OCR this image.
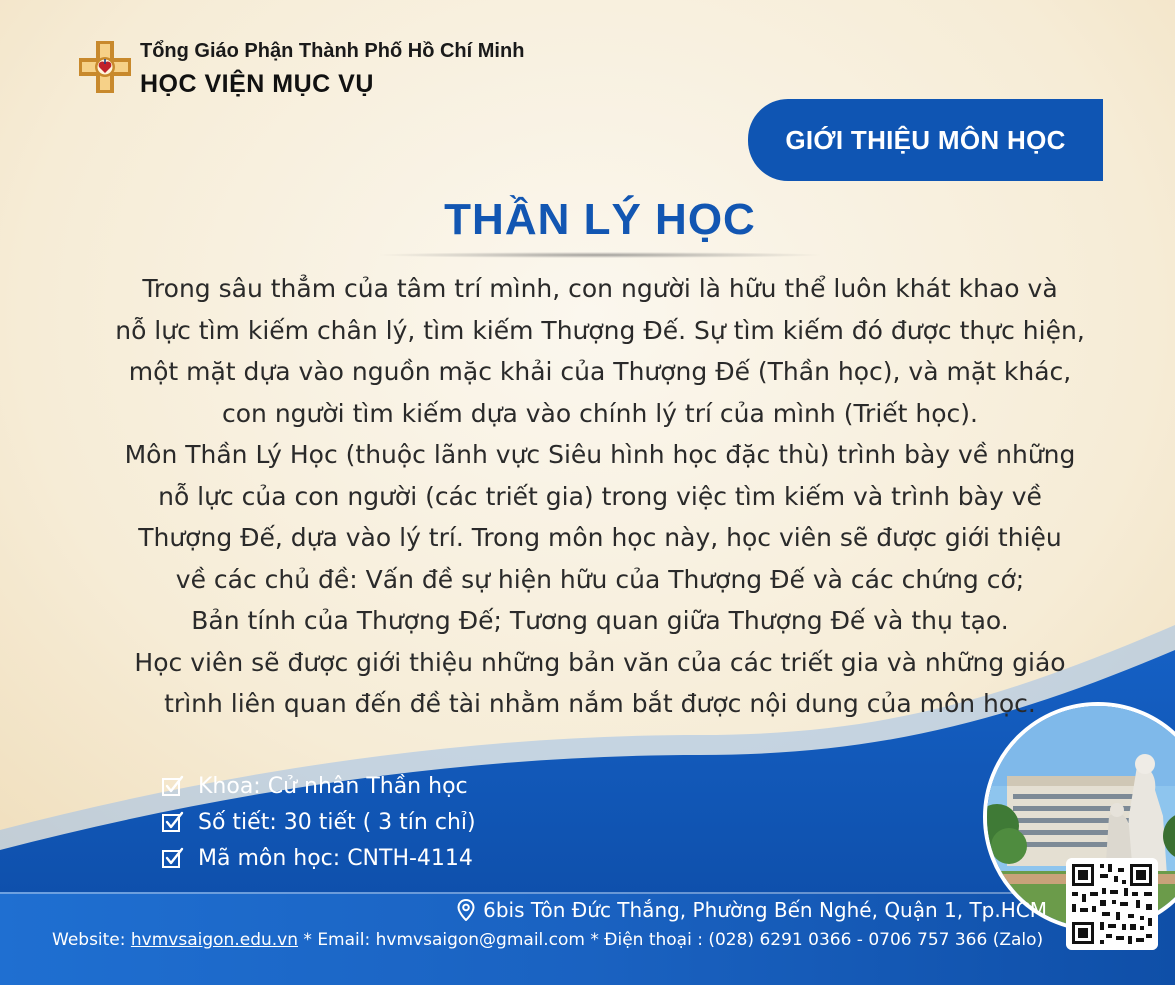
Tổng Giáo Phận Thành Phố Hồ Chí Minh
HỌC VIỆN MỤC VỤ
GIỚI THIỆU MÔN HỌC
THẦN LÝ HỌC
Trong sâu thẳm của tâm trí mình, con người là hữu thể luôn khát khao và
nỗ lực tìm kiếm chân lý, tìm kiếm Thượng Đế. Sự tìm kiếm đó được thực hiện,
một mặt dựa vào nguồn mặc khải của Thượng Đế (Thần học), và mặt khác,
con người tìm kiếm dựa vào chính lý trí của mình (Triết học).
Môn Thần Lý Học (thuộc lãnh vực Siêu hình học đặc thù) trình bày về những
nỗ lực của con người (các triết gia) trong việc tìm kiếm và trình bày về
Thượng Đế, dựa vào lý trí. Trong môn học này, học viên sẽ được giới thiệu
về các chủ đề: Vấn đề sự hiện hữu của Thượng Đế và các chứng cớ;
Bản tính của Thượng Đế; Tương quan giữa Thượng Đế và thụ tạo.
Học viên sẽ được giới thiệu những bản văn của các triết gia và những giáo
trình liên quan đến đề tài nhằm nắm bắt được nội dung của môn học.
Khoa: Cử nhân Thần học
Số tiết: 30 tiết ( 3 tín chỉ)
Mã môn học: CNTH-4114
6bis Tôn Đức Thắng, Phường Bến Nghé, Quận 1, Tp.HCM
Website: hvmvsaigon.edu.vn * Email: hvmvsaigon@gmail.com * Điện thoại : (028) 6291 0366 - 0706 757 366 (Zalo)
